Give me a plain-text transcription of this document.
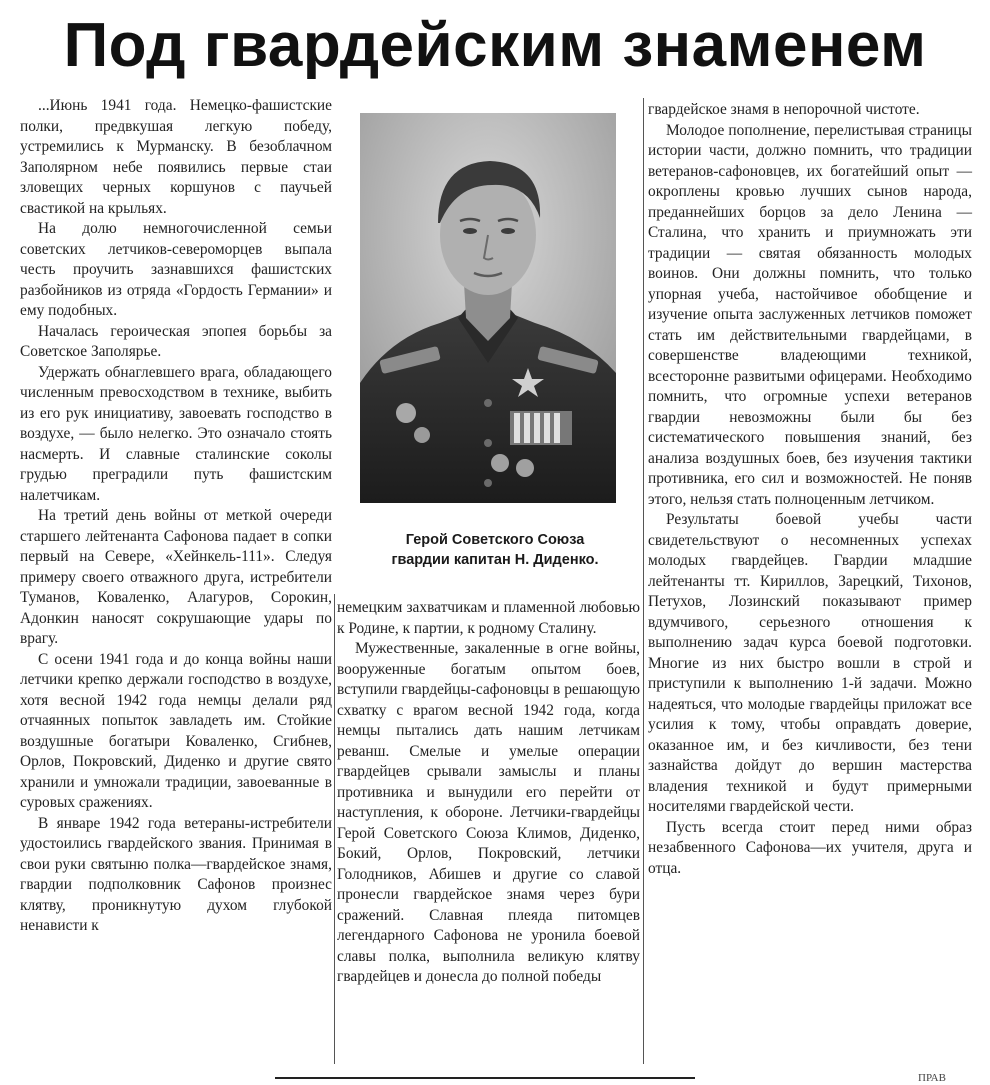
Под гвардейским знаменем

...Июнь 1941 года. Немецко-фашистские полки, предвкушая легкую победу, устремились к Мурманску. В безоблачном Заполярном небе появились первые стаи зловещих черных коршунов с паучьей свастикой на крыльях.

На долю немногочисленной семьи советских летчиков-североморцев выпала честь проучить зазнавшихся фашистских разбойников из отряда «Гордость Германии» и ему подобных.

Началась героическая эпопея борьбы за Советское Заполярье.

Удержать обнаглевшего врага, обладающего численным превосходством в технике, выбить из его рук инициативу, завоевать господство в воздухе, — было нелегко. Это означало стоять насмерть. И славные сталинские соколы грудью преградили путь фашистским налетчикам.

На третий день войны от меткой очереди старшего лейтенанта Сафонова падает в сопки первый на Севере, «Хейнкель-111». Следуя примеру своего отважного друга, истребители Туманов, Коваленко, Алагуров, Сорокин, Адонкин наносят сокрушающие удары по врагу.

С осени 1941 года и до конца войны наши летчики крепко держали господство в воздухе, хотя весной 1942 года немцы делали ряд отчаянных попыток завладеть им. Стойкие воздушные богатыри Коваленко, Сгибнев, Орлов, Покровский, Диденко и другие свято хранили и умножали традиции, завоеванные в суровых сражениях.

В январе 1942 года ветераны-истребители удостоились гвардейского звания. Принимая в свои руки святыню полка—гвардейское знамя, гвардии подполковник Сафонов произнес клятву, проникнутую духом глубокой ненависти к

Герой Советского Союза
гвардии капитан Н. Диденко.

немецким захватчикам и пламенной любовью к Родине, к партии, к родному Сталину.

Мужественные, закаленные в огне войны, вооруженные богатым опытом боев, вступили гвардейцы-сафоновцы в решающую схватку с врагом весной 1942 года, когда немцы пытались дать нашим летчикам реванш. Смелые и умелые операции гвардейцев срывали замыслы и планы противника и вынудили его перейти от наступления, к обороне. Летчики-гвардейцы Герой Советского Союза Климов, Диденко, Бокий, Орлов, Покровский, летчики Голодников, Абишев и другие со славой пронесли гвардейское знамя через бури сражений. Славная плеяда питомцев легендарного Сафонова не уронила боевой славы полка, выполнила великую клятву гвардейцев и донесла до полной победы

гвардейское знамя в непорочной чистоте.

Молодое пополнение, перелистывая страницы истории части, должно помнить, что традиции ветеранов-сафоновцев, их богатейший опыт — окроплены кровью лучших сынов народа, преданнейших борцов за дело Ленина — Сталина, что хранить и приумножать эти традиции — святая обязанность молодых воинов. Они должны помнить, что только упорная учеба, настойчивое обобщение и изучение опыта заслуженных летчиков поможет стать им действительными гвардейцами, в совершенстве владеющими техникой, всесторонне развитыми офицерами. Необходимо помнить, что огромные успехи ветеранов гвардии невозможны были бы без систематического повышения знаний, без анализа воздушных боев, без изучения тактики противника, его сил и возможностей. Не поняв этого, нельзя стать полноценным летчиком.

Результаты боевой учебы части свидетельствуют о несомненных успехах молодых гвардейцев. Гвардии младшие лейтенанты тт. Кириллов, Зарецкий, Тихонов, Петухов, Лозинский показывают пример вдумчивого, серьезного отношения к выполнению задач курса боевой подготовки. Многие из них быстро вошли в строй и приступили к выполнению 1-й задачи. Можно надеяться, что молодые гвардейцы приложат все усилия к тому, чтобы оправдать доверие, оказанное им, и без кичливости, без тени зазнайства дойдут до вершин мастерства владения техникой и будут примерными носителями гвардейской чести.

Пусть всегда стоит перед ними образ незабвенного Сафонова—их учителя, друга и отца.

ПРАВ
